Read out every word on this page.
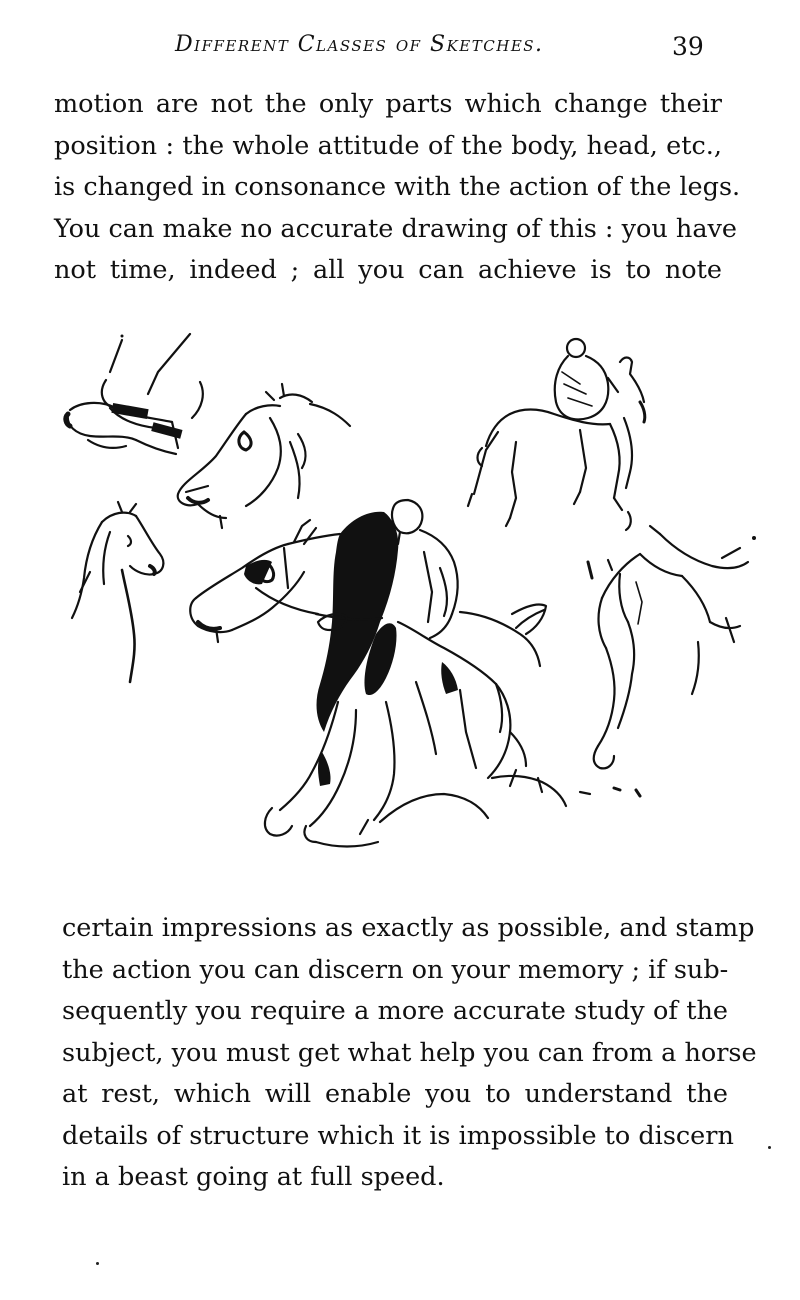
Different Classes of Sketches.	39

motion are not the only parts which change their
position : the whole attitude of the body, head, etc.,
is changed in consonance with the action of the legs.
You can make no accurate drawing of this : you have
not time, indeed ; all you can achieve is to note

certain impressions as exactly as possible, and stamp
the action you can discern on your memory ; if sub-
sequently you require a more accurate study of the
subject, you must get what help you can from a horse
at rest, which will enable you to understand the
details of structure which it is impossible to discern
in a beast going at full speed.
